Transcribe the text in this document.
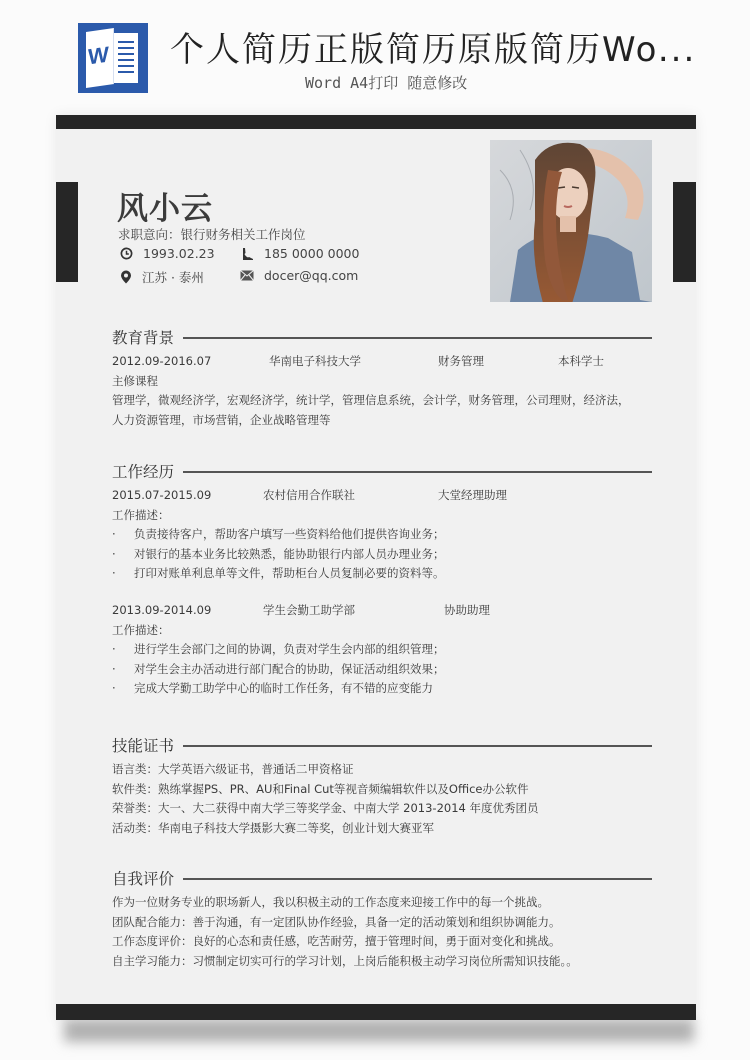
W 个人简历正版简历原版简历Wo...
Word A4打印 随意修改
风小云
求职意向：银行财务相关工作岗位
1993.02.23	185 0000 0000
江苏 · 泰州	docer@qq.com
教育背景
2012.09-2016.07	华南电子科技大学	财务管理	本科学士
主修课程
管理学，微观经济学，宏观经济学，统计学，管理信息系统，会计学，财务管理，公司理财，经济法，
人力资源管理，市场营销，企业战略管理等
工作经历
2015.07-2015.09	农村信用合作联社	大堂经理助理
工作描述：
· 负责接待客户，帮助客户填写一些资料给他们提供咨询业务；
· 对银行的基本业务比较熟悉，能协助银行内部人员办理业务；
· 打印对账单利息单等文件，帮助柜台人员复制必要的资料等。
2013.09-2014.09	学生会勤工助学部	协助助理
工作描述：
· 进行学生会部门之间的协调，负责对学生会内部的组织管理；
· 对学生会主办活动进行部门配合的协助，保证活动组织效果；
· 完成大学勤工助学中心的临时工作任务，有不错的应变能力
技能证书
语言类：大学英语六级证书，普通话二甲资格证
软件类：熟练掌握PS、PR、AU和Final Cut等视音频编辑软件以及Office办公软件
荣誉类：大一、大二获得中南大学三等奖学金、中南大学 2013-2014 年度优秀团员
活动类：华南电子科技大学摄影大赛二等奖，创业计划大赛亚军
自我评价
作为一位财务专业的职场新人，我以积极主动的工作态度来迎接工作中的每一个挑战。
团队配合能力：善于沟通，有一定团队协作经验，具备一定的活动策划和组织协调能力。
工作态度评价：良好的心态和责任感，吃苦耐劳，擅于管理时间，勇于面对变化和挑战。
自主学习能力：习惯制定切实可行的学习计划，上岗后能积极主动学习岗位所需知识技能。。
